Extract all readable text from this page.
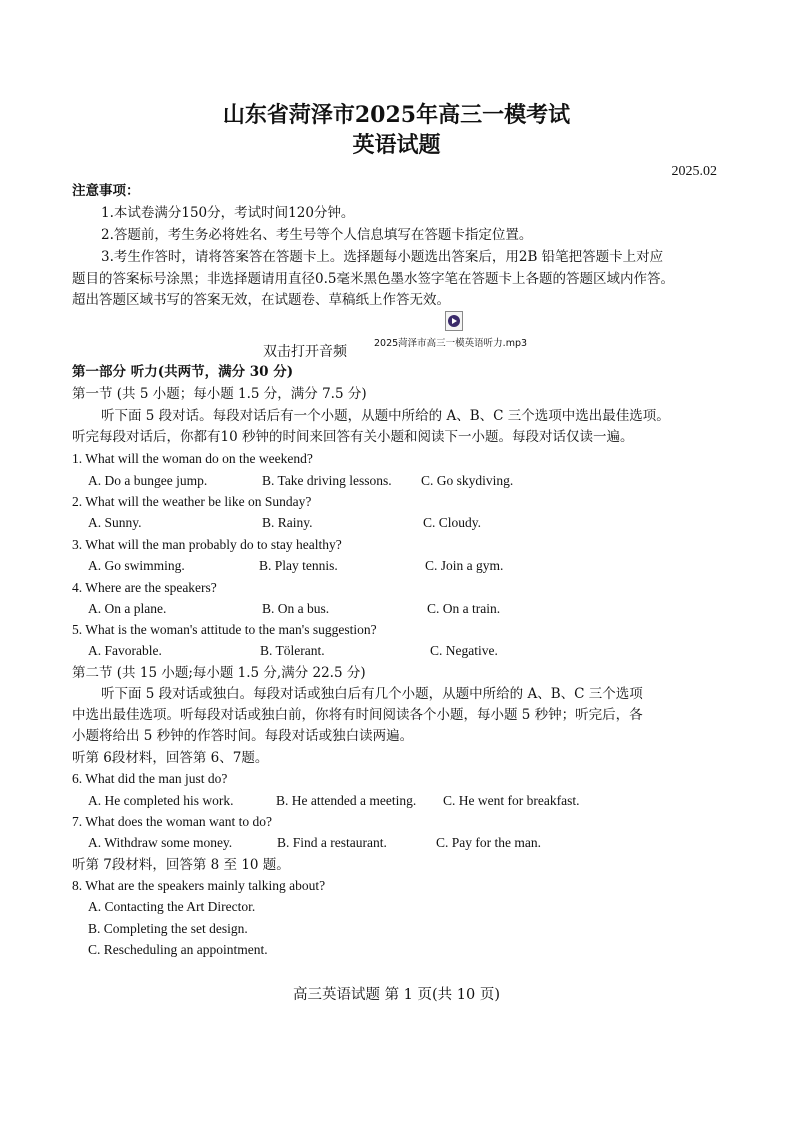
山东省菏泽市2025年高三一模考试
英语试题
2025.02
注意事项：
1.本试卷满分150分，考试时间120分钟。
2.答题前，考生务必将姓名、考生号等个人信息填写在答题卡指定位置。
3.考生作答时，请将答案答在答题卡上。选择题每小题选出答案后，用2B 铅笔把答题卡上对应
题目的答案标号涂黑；非选择题请用直径0.5毫米黑色墨水签字笔在答题卡上各题的答题区域内作答。
超出答题区域书写的答案无效，在试题卷、草稿纸上作答无效。
2025菏泽市高三一模英语听力.mp3
双击打开音频
第一部分 听力(共两节，满分 30 分)
第一节 (共 5 小题；每小题 1.5 分，满分 7.5 分)
听下面 5 段对话。每段对话后有一个小题，从题中所给的 A、B、C 三个选项中选出最佳选项。
听完每段对话后，你都有10 秒钟的时间来回答有关小题和阅读下一小题。每段对话仅读一遍。
1. What will the woman do on the weekend?
A. Do a bungee jump.	B. Take driving lessons. C. Go skydiving.
2. What will the weather be like on Sunday?
A. Sunny.	B. Rainy.	C. Cloudy.
3. What will the man probably do to stay healthy?
A. Go swimming.	B. Play tennis.	C. Join a gym.
4. Where are the speakers?
A. On a plane.	B. On a bus.	C. On a train.
5. What is the woman's attitude to the man's suggestion?
A. Favorable.	B. Tölerant.	C. Negative.
第二节 (共 15 小题;每小题 1.5 分,满分 22.5 分)
听下面 5 段对话或独白。每段对话或独白后有几个小题，从题中所给的 A、B、C 三个选项
中选出最佳选项。听每段对话或独白前，你将有时间阅读各个小题，每小题 5 秒钟；听完后，各
小题将给出 5 秒钟的作答时间。每段对话或独白读两遍。
听第 6段材料，回答第 6、7题。
6. What did the man just do?
A. He completed his work.	B. He attended a meeting. C. He went for breakfast.
7. What does the woman want to do?
A. Withdraw some money.	B. Find a restaurant.	C. Pay for the man.
听第 7段材料，回答第 8 至 10 题。
8. What are the speakers mainly talking about?
A. Contacting the Art Director.
B. Completing the set design.
C. Rescheduling an appointment.
高三英语试题 第 1 页(共 10 页)
